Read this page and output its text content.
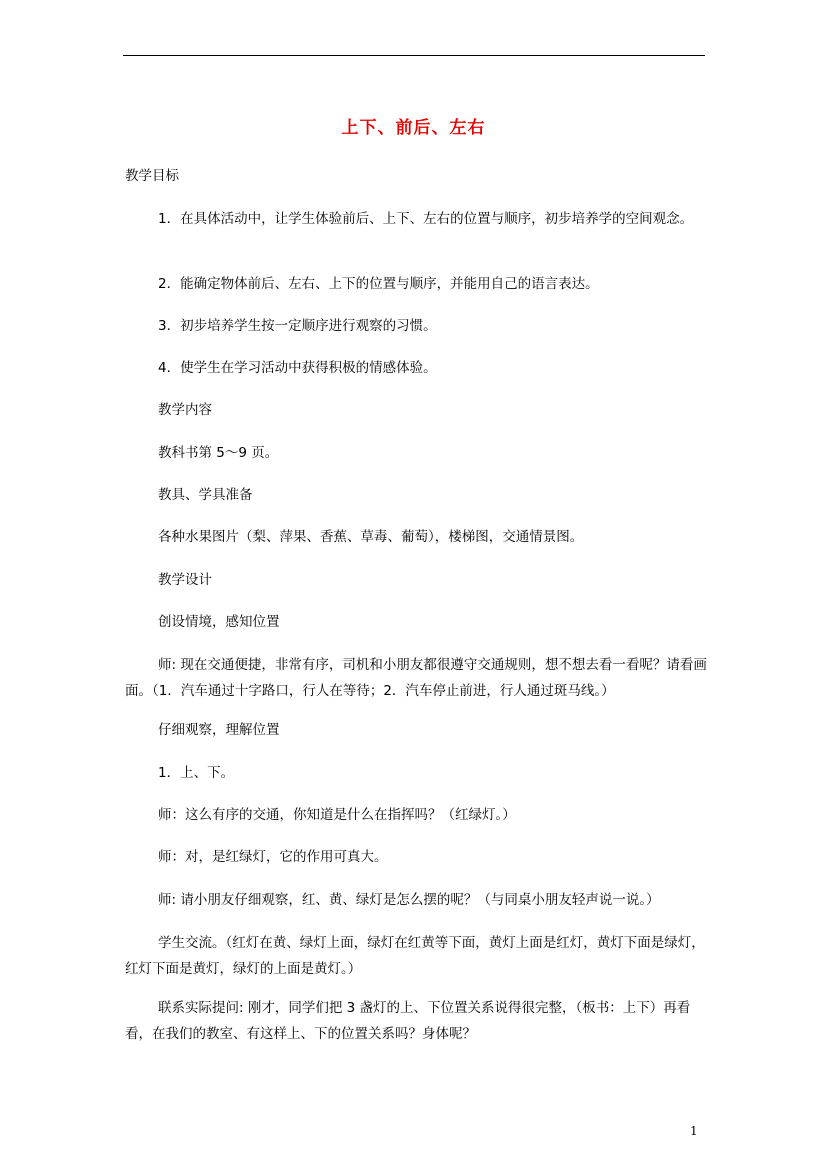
上下、前后、左右
教学目标
1．在具体活动中，让学生体验前后、上下、左右的位置与顺序，初步培养学的空间观念。
2．能确定物体前后、左右、上下的位置与顺序，并能用自己的语言表达。
3．初步培养学生按一定顺序进行观察的习惯。
4．使学生在学习活动中获得积极的情感体验。
教学内容
教科书第 5～9 页。
教具、学具准备
各种水果图片（梨、萍果、香蕉、草毒、葡萄），楼梯图，交通情景图。
教学设计
创设情境，感知位置
师: 现在交通便捷，非常有序，司机和小朋友都很遵守交通规则，想不想去看一看呢？请看画面。（1．汽车通过十字路口，行人在等待；2．汽车停止前进，行人通过斑马线。）
仔细观察，理解位置
1．上、下。
师：这么有序的交通，你知道是什么在指挥吗？（红绿灯。）
师：对，是红绿灯，它的作用可真大。
师: 请小朋友仔细观察，红、黄、绿灯是怎么摆的呢？（与同桌小朋友轻声说一说。）
学生交流。（红灯在黄、绿灯上面，绿灯在红黄等下面，黄灯上面是红灯，黄灯下面是绿灯，红灯下面是黄灯，绿灯的上面是黄灯。）
联系实际提问: 刚才，同学们把 3 盏灯的上、下位置关系说得很完整，（板书：上下）再看看，在我们的教室、有这样上、下的位置关系吗？身体呢？
1
